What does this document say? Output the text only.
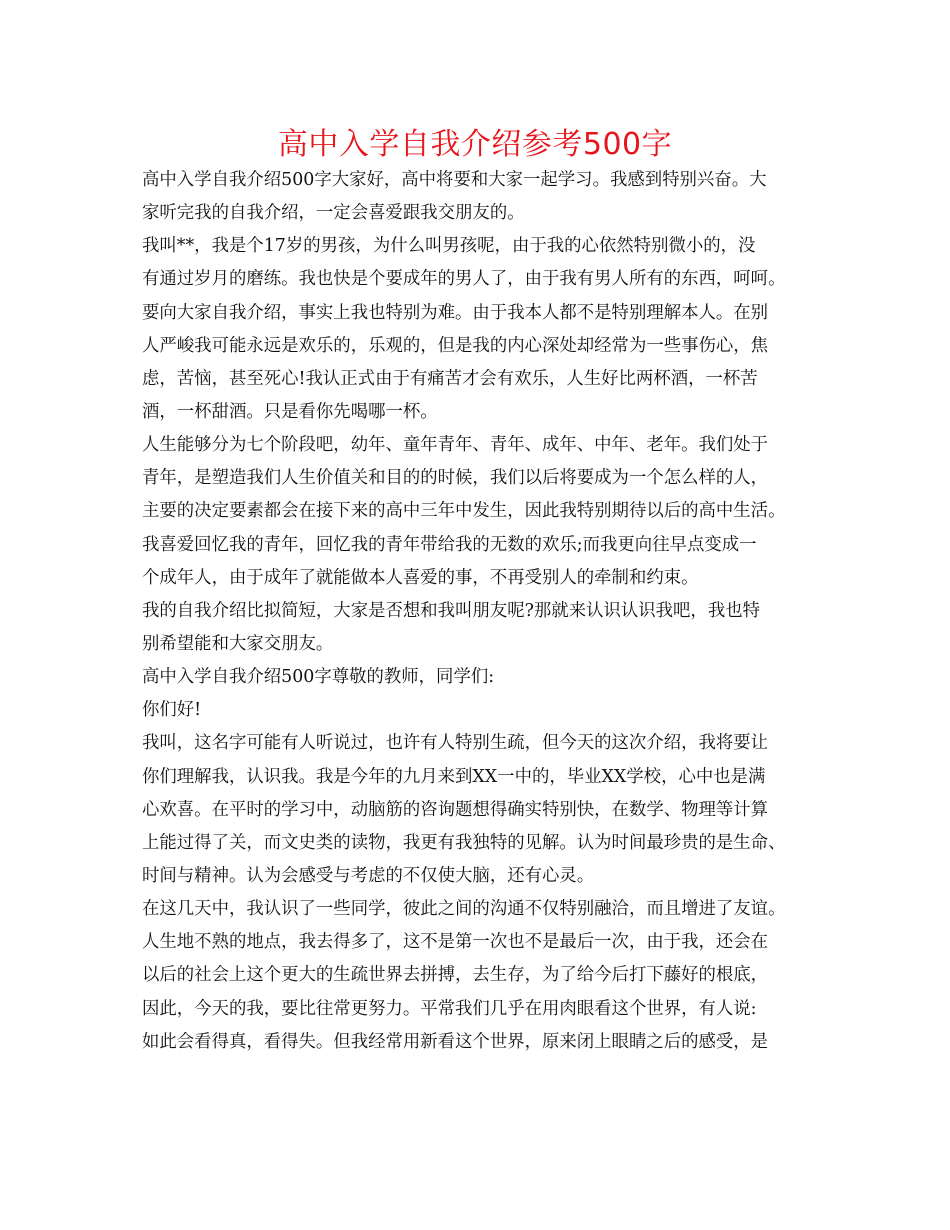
高中入学自我介绍参考500字
高中入学自我介绍500字大家好，高中将要和大家一起学习。我感到特别兴奋。大
家听完我的自我介绍，一定会喜爱跟我交朋友的。
我叫**，我是个17岁的男孩，为什么叫男孩呢，由于我的心依然特别微小的，没
有通过岁月的磨练。我也快是个要成年的男人了，由于我有男人所有的东西，呵呵。
要向大家自我介绍，事实上我也特别为难。由于我本人都不是特别理解本人。在别
人严峻我可能永远是欢乐的，乐观的，但是我的内心深处却经常为一些事伤心，焦
虑，苦恼，甚至死心!我认正式由于有痛苦才会有欢乐，人生好比两杯酒，一杯苦
酒，一杯甜酒。只是看你先喝哪一杯。
人生能够分为七个阶段吧，幼年、童年青年、青年、成年、中年、老年。我们处于
青年，是塑造我们人生价值关和目的的时候，我们以后将要成为一个怎么样的人，
主要的决定要素都会在接下来的高中三年中发生，因此我特别期待以后的高中生活。
我喜爱回忆我的青年，回忆我的青年带给我的无数的欢乐;而我更向往早点变成一
个成年人，由于成年了就能做本人喜爱的事，不再受别人的牵制和约束。
我的自我介绍比拟简短，大家是否想和我叫朋友呢?那就来认识认识我吧，我也特
别希望能和大家交朋友。
高中入学自我介绍500字尊敬的教师，同学们:
你们好!
我叫，这名字可能有人听说过，也许有人特别生疏，但今天的这次介绍，我将要让
你们理解我，认识我。我是今年的九月来到XX一中的，毕业XX学校，心中也是满
心欢喜。在平时的学习中，动脑筋的咨询题想得确实特别快，在数学、物理等计算
上能过得了关，而文史类的读物，我更有我独特的见解。认为时间最珍贵的是生命、
时间与精神。认为会感受与考虑的不仅使大脑，还有心灵。
在这几天中，我认识了一些同学，彼此之间的沟通不仅特别融洽，而且增进了友谊。
人生地不熟的地点，我去得多了，这不是第一次也不是最后一次，由于我，还会在
以后的社会上这个更大的生疏世界去拼搏，去生存，为了给今后打下藤好的根底，
因此，今天的我，要比往常更努力。平常我们几乎在用肉眼看这个世界，有人说:
如此会看得真，看得失。但我经常用新看这个世界，原来闭上眼睛之后的感受，是
